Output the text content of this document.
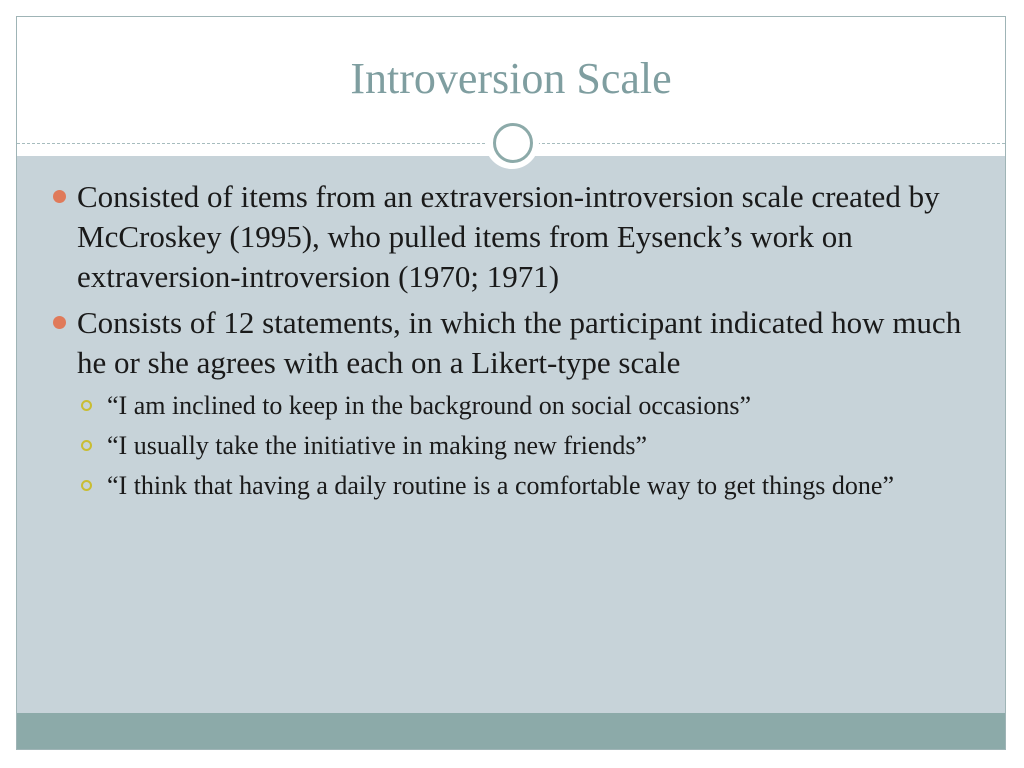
Introversion Scale
Consisted of items from an extraversion-introversion scale created by McCroskey (1995), who pulled items from Eysenck’s work on extraversion-introversion (1970; 1971)
Consists of 12 statements, in which the participant indicated how much he or she agrees with each on a Likert-type scale
“I am inclined to keep in the background on social occasions”
“I usually take the initiative in making new friends”
“I think that having a daily routine is a comfortable way to get things done”
